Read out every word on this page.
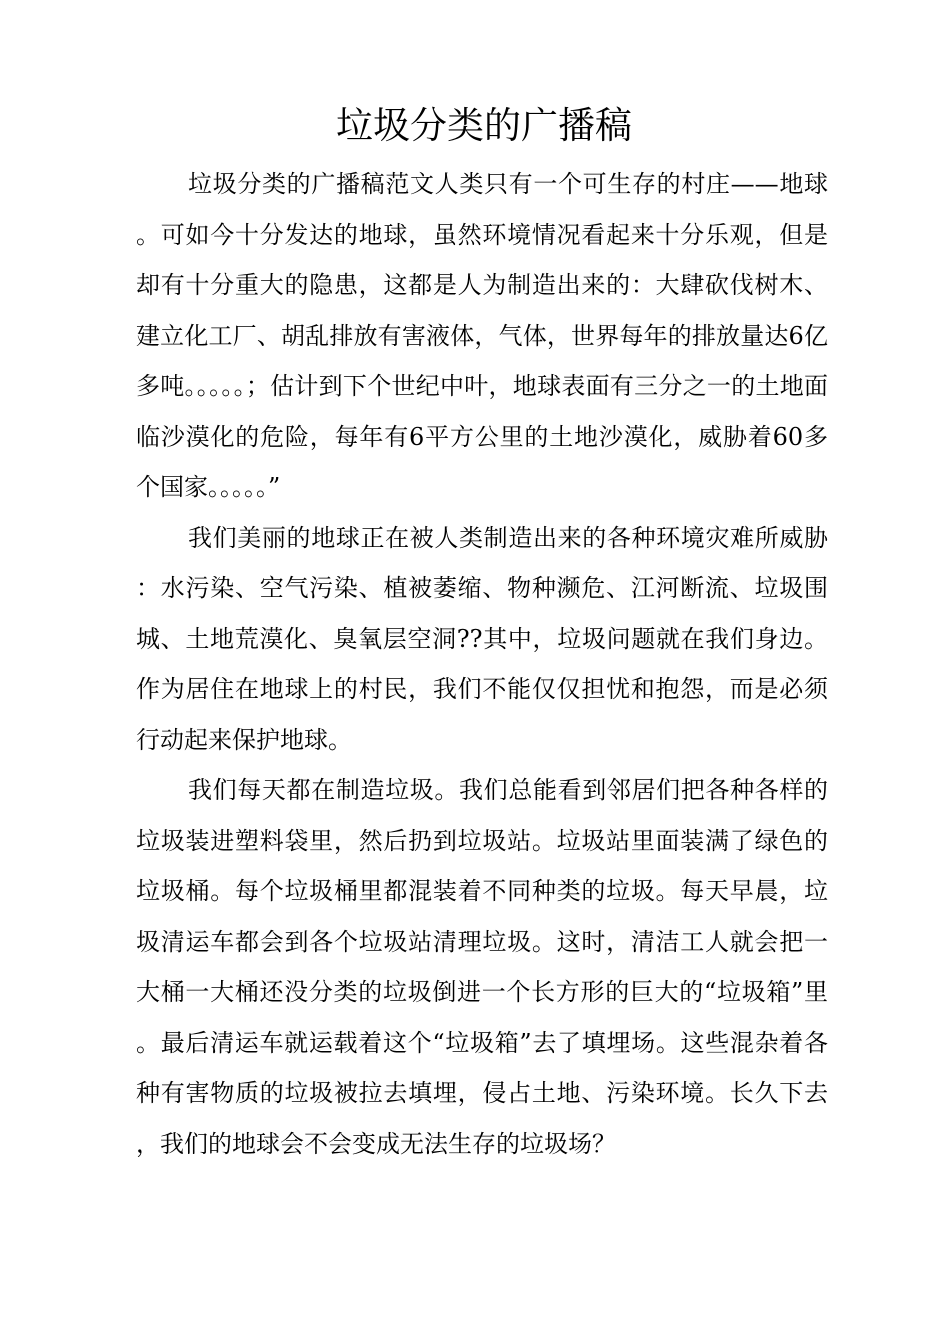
垃圾分类的广播稿

垃圾分类的广播稿范文人类只有一个可生存的村庄——地球。可如今十分发达的地球，虽然环境情况看起来十分乐观，但是却有十分重大的隐患，这都是人为制造出来的：大肆砍伐树木、建立化工厂、胡乱排放有害液体，气体，世界每年的排放量达6亿多吨。。。。。；估计到下个世纪中叶，地球表面有三分之一的土地面临沙漠化的危险，每年有6平方公里的土地沙漠化，威胁着60多个国家。。。。。”

我们美丽的地球正在被人类制造出来的各种环境灾难所威胁：水污染、空气污染、植被萎缩、物种濒危、江河断流、垃圾围城、土地荒漠化、臭氧层空洞??其中，垃圾问题就在我们身边。作为居住在地球上的村民，我们不能仅仅担忧和抱怨，而是必须行动起来保护地球。

我们每天都在制造垃圾。我们总能看到邻居们把各种各样的垃圾装进塑料袋里，然后扔到垃圾站。垃圾站里面装满了绿色的垃圾桶。每个垃圾桶里都混装着不同种类的垃圾。每天早晨，垃圾清运车都会到各个垃圾站清理垃圾。这时，清洁工人就会把一大桶一大桶还没分类的垃圾倒进一个长方形的巨大的“垃圾箱”里。最后清运车就运载着这个“垃圾箱”去了填埋场。这些混杂着各种有害物质的垃圾被拉去填埋，侵占土地、污染环境。长久下去，我们的地球会不会变成无法生存的垃圾场？
